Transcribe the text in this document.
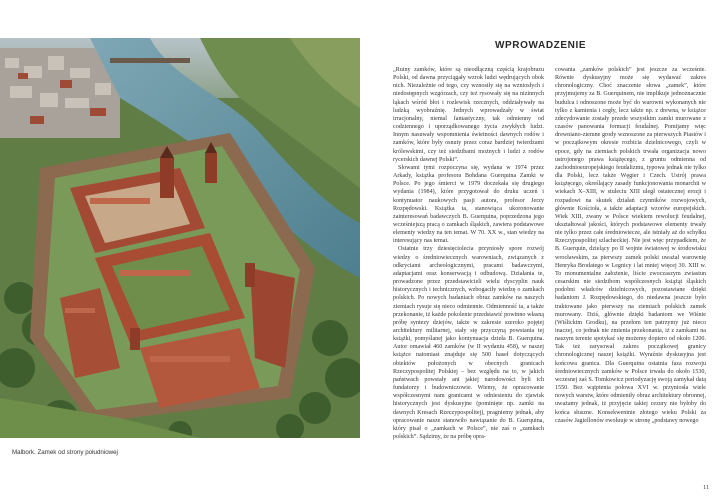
Malbork. Zamek od strony południowej
WPROWADZENIE

„Ruiny zamków, które są nieodłączną częścią krajobrazu Polski, od dawna przyciągały wzrok ludzi wędrujących obok nich. Niezależnie od tego, czy wznosiły się na wzniosłych i niedostępnych wzgórzach, czy też rysowały się na nizinnych łąkach wśród błot i rozlewisk rzecznych, oddziaływały na ludzką wyobraźnię. Jednych wprowadzały w świat irracjonalny, niemal fantastyczny, tak odmienny od codziennego i uporządkowanego życia zwykłych ludzi. Innym nasuwały wspomnienia świetności dawnych rodów i zamków, które były osnuty przez coraz bardziej twierdzami królewskimi, czy też siedzibami możnych i ludzi z rodów rycerskich dawnej Polski”.

Słowami tymi rozpoczyna się, wydana w 1974 przez Arkady, książka profesora Bohdana Guerquina Zamki w Polsce. Po jego śmierci w 1979 doczekała się drugiego wydania (1984), które przygotował do druku uczeń i kontynuator naukowych pasji autora, profesor Jerzy Rozpędowski. Książka ta, stanowiąca ukoronowanie zainteresowań badawczych B. Guerquina, poprzedzona jego wcześniejszą pracą o zamkach śląskich, zawiera podstawowe elementy wiedzy na ten temat. W 70. XX w., stan wiedzy na interesujący nas temat.

Ostatnie trzy dziesięciolecia przyniosły spore rozwój wiedzy o średniowiecznych warowniach, związanych z odkryciami archeologicznymi, pracami badawczymi, adaptacjami oraz konserwacją i odbudową. Działania te, prowadzone przez przedstawicieli wielu dyscyplin nauk historycznych i technicznych, wzbogaciły wiedzę o zamkach polskich. Po nowych badaniach obraz zamków na naszych ziemiach rysuje się nieco odmiennie. Odmienność ta, a także przekonanie, iż każde pokolenie przedstawić powinno własną próbę syntezy dziejów, także w zakresie szeroko pojętej architektury militarnej, stały się przyczyną powstania tej książki, pomyślanej jako kontynuacja dzieła B. Guerquina. Autor omawiał 460 zamków (w II wydaniu 458), w naszej książce natomiast znajduje się 500 haseł dotyczących obiektów położonych w obecnych granicach Rzeczypospolitej Polskiej – bez względu na to, w jakich państwach powstały ani jakiej narodowości byli ich fundatorzy i budowniczowie. Wiemy, że opracowanie współczesnymi nam granicami w odniesieniu do zjawisk historycznych jest dyskusyjne (pominięte np. zamki na dawnych Kresach Rzeczypospolitej), pragniemy jednak, aby opracowanie nasze stanowiło nawiązanie do B. Guerquina, który pisał o „zamkach w Polsce”, nie zaś o „zamkach polskich”. Sądzimy, że na próbę opra-

cowania „zamków polskich” jest jeszcze za wcześnie. Równie dyskusyjny może się wydawać zakres chronologiczny. Choć znaczenie słowa „zamek”, które przyjmujemy za B. Guerquinem, nie implikuje jednoznacznie budulca i odnoszone może być do warowni wykonanych nie tylko z kamienia i cegły, lecz także np. z drewna, w książce zdecydowanie zostały przede wszystkim zamki murowane z czasów panowania formacji feudalnej. Pomijamy więc drewniano-ziemne grody wznoszone za pierwszych Piastów i w początkowym okresie rozbicia dzielnicowego, czyli w epoce, gdy na ziemiach polskich trwała organizacja nowo ustrojonego prawa książęcego, z gruntu odmienna od zachodnioeuropejskiego feudalizmu, typowa jednak nie tylko dla Polski, lecz także Węgier i Czech. Ustrój prawa książęcego, określający zasady funkcjonowania monarchii w wiekach X–XIII, w stuleciu XIII uległ ostatecznej erozji i rozpadowi na skutek działań czynników rozwojowych, głównie Kościoła, a także adaptacji wzorów europejskich. Wiek XIII, zwany w Polsce wiekiem rewolucji feudalnej, ukształtował jakości, których podstawowe elementy trwały nie tylko przez całe średniowiecze, ale istniały aż do schyłku Rzeczypospolitej szlacheckiej. Nie jest więc przypadkiem, że B. Guerquin, dzielący po II wojnie światowej w środowisku wrocławskim, za pierwszy zamek polski uważał warownię Henryka Brodatego w Legnicy i lat mniej więcej 30. XIII w. To monumentalne założenie, liście zwoczaszym zwiastun cesarskim nie siedzibom współczesnych książąt śląskich podobni władców dzielnicowych, pozostawiane dzięki badaniom J. Rozpędowskiego, do niedawna jeszcze było traktowane jako pierwszy na ziemiach polskich zamek murowany. Dziś, głównie dzięki badaniom we Wiśnie (Wiślickim Grodku), na przełom ten patrzymy już nieco inaczej, co jednak nie zmienia przekonania, iż z zamkami na naszym terenie spotykać się możemy dopiero od około 1200. Tak też zarysował zakres początkowej granicy chronologicznej naszej książki. Wyraźnie dyskusyjna jest końcowa granica. Dla Guerquina ostatnia faza rozwoju średniowiecznych zamków w Polsce trwała do około 1530, wczesnej zaś S. Tomkowicz periodyzację swoją zamykał datą 1550. Bez wątpienia połowa XVI w. przyniosła wiele nowych warstw, które odmieniły obraz architektury obronnej, uważamy jednak, iż przyjęcie takiej cezury nie byłoby do końca słuszne. Konsekwentnie złotego wieku Polski za czasów Jagiellonów ewoluuje w stronę „podstawy nowego

11
